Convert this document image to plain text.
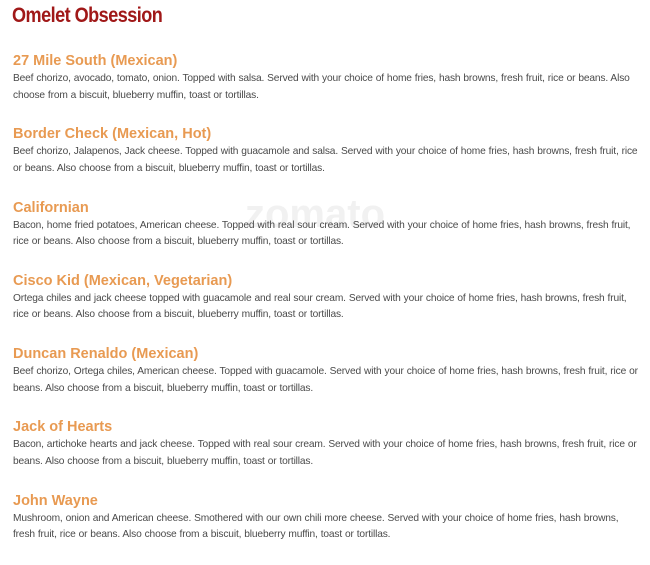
Omelet Obsession
zomato
27 Mile South (Mexican)

Beef chorizo, avocado, tomato, onion. Topped with salsa. Served with your choice of home fries, hash browns, fresh fruit, rice or beans. Also choose from a biscuit, blueberry muffin, toast or tortillas.

Border Check (Mexican, Hot)

Beef chorizo, Jalapenos, Jack cheese. Topped with guacamole and salsa. Served with your choice of home fries, hash browns, fresh fruit, rice or beans. Also choose from a biscuit, blueberry muffin, toast or tortillas.

Californian

Bacon, home fried potatoes, American cheese. Topped with real sour cream. Served with your choice of home fries, hash browns, fresh fruit, rice or beans. Also choose from a biscuit, blueberry muffin, toast or tortillas.

Cisco Kid (Mexican, Vegetarian)

Ortega chiles and jack cheese topped with guacamole and real sour cream. Served with your choice of home fries, hash browns, fresh fruit, rice or beans. Also choose from a biscuit, blueberry muffin, toast or tortillas.

Duncan Renaldo (Mexican)

Beef chorizo, Ortega chiles, American cheese. Topped with guacamole. Served with your choice of home fries, hash browns, fresh fruit, rice or beans. Also choose from a biscuit, blueberry muffin, toast or tortillas.

Jack of Hearts

Bacon, artichoke hearts and jack cheese. Topped with real sour cream. Served with your choice of home fries, hash browns, fresh fruit, rice or beans. Also choose from a biscuit, blueberry muffin, toast or tortillas.

John Wayne

Mushroom, onion and American cheese. Smothered with our own chili more cheese. Served with your choice of home fries, hash browns, fresh fruit, rice or beans. Also choose from a biscuit, blueberry muffin, toast or tortillas.
